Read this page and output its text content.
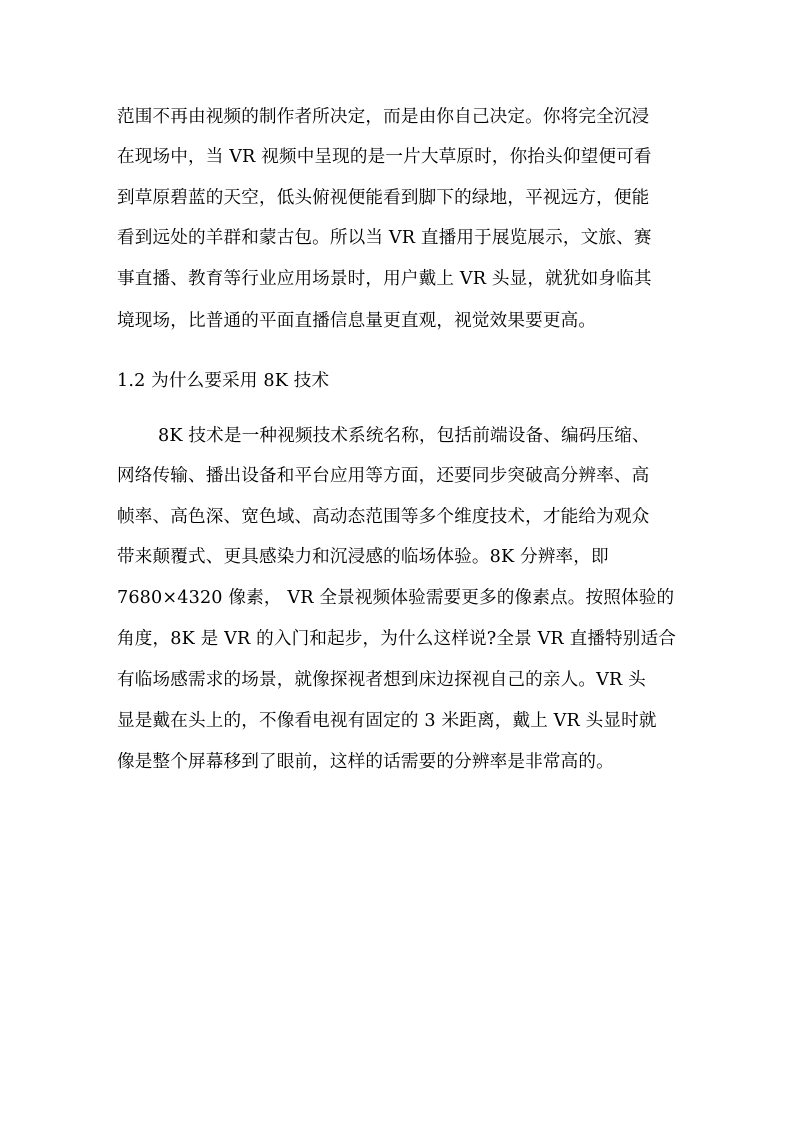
范围不再由视频的制作者所决定，而是由你自己决定。你将完全沉浸
在现场中，当 VR 视频中呈现的是一片大草原时，你抬头仰望便可看
到草原碧蓝的天空，低头俯视便能看到脚下的绿地，平视远方，便能
看到远处的羊群和蒙古包。所以当 VR 直播用于展览展示，文旅、赛
事直播、教育等行业应用场景时，用户戴上 VR 头显，就犹如身临其
境现场，比普通的平面直播信息量更直观，视觉效果要更高。
1.2 为什么要采用 8K 技术
8K 技术是一种视频技术系统名称，包括前端设备、编码压缩、
网络传输、播出设备和平台应用等方面，还要同步突破高分辨率、高
帧率、高色深、宽色域、高动态范围等多个维度技术，才能给为观众
带来颠覆式、更具感染力和沉浸感的临场体验。8K 分辨率，即
7680×4320 像素， VR 全景视频体验需要更多的像素点。按照体验的
角度，8K 是 VR 的入门和起步，为什么这样说?全景 VR 直播特别适合
有临场感需求的场景，就像探视者想到床边探视自己的亲人。VR 头
显是戴在头上的，不像看电视有固定的 3 米距离，戴上 VR 头显时就
像是整个屏幕移到了眼前，这样的话需要的分辨率是非常高的。
